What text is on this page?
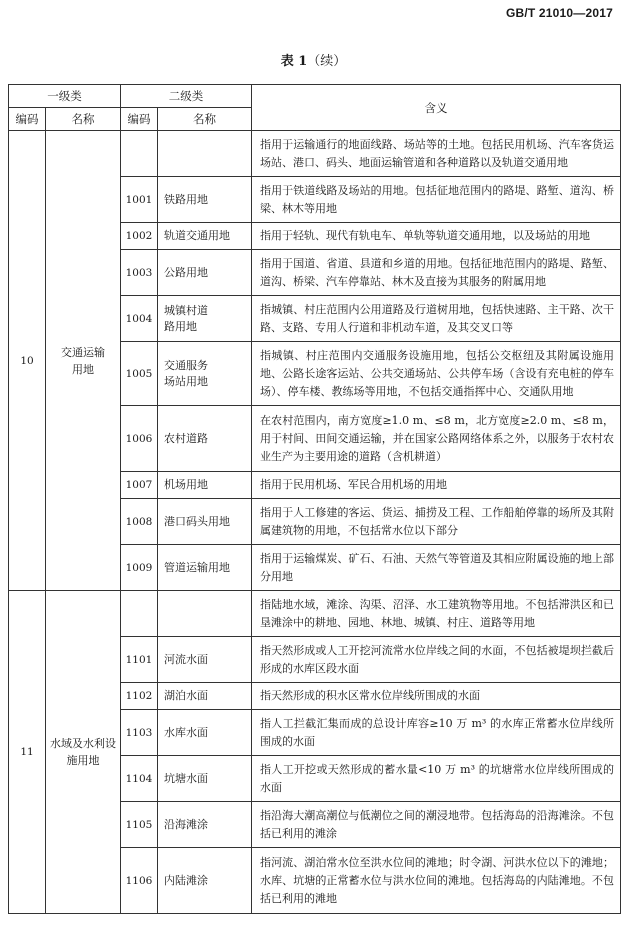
GB/T 21010—2017
表 1（续）
一级类		二级类		含义
编码	名称	编码	名称	
10	交通运输用地			指用于运输通行的地面线路、场站等的土地。包括民用机场、汽车客货运场站、港口、码头、地面运输管道和各种道路以及轨道交通用地
		1001	铁路用地	指用于铁道线路及场站的用地。包括征地范围内的路堤、路堑、道沟、桥梁、林木等用地
		1002	轨道交通用地	指用于轻轨、现代有轨电车、单轨等轨道交通用地，以及场站的用地
		1003	公路用地	指用于国道、省道、县道和乡道的用地。包括征地范围内的路堤、路堑、道沟、桥梁、汽车停靠站、林木及直接为其服务的附属用地
		1004	城镇村道路用地	指城镇、村庄范围内公用道路及行道树用地，包括快速路、主干路、次干路、支路、专用人行道和非机动车道，及其交叉口等
		1005	交通服务场站用地	指城镇、村庄范围内交通服务设施用地，包括公交枢纽及其附属设施用地、公路长途客运站、公共交通场站、公共停车场（含设有充电桩的停车场）、停车楼、教练场等用地，不包括交通指挥中心、交通队用地
		1006	农村道路	在农村范围内，南方宽度≥1.0 m、≤8 m，北方宽度≥2.0 m、≤8 m，用于村间、田间交通运输，并在国家公路网络体系之外，以服务于农村农业生产为主要用途的道路（含机耕道）
		1007	机场用地	指用于民用机场、军民合用机场的用地
		1008	港口码头用地	指用于人工修建的客运、货运、捕捞及工程、工作船舶停靠的场所及其附属建筑物的用地，不包括常水位以下部分
		1009	管道运输用地	指用于运输煤炭、矿石、石油、天然气等管道及其相应附属设施的地上部分用地
11	水域及水利设施用地			指陆地水域，滩涂、沟渠、沼泽、水工建筑物等用地。不包括滞洪区和已垦滩涂中的耕地、园地、林地、城镇、村庄、道路等用地
		1101	河流水面	指天然形成或人工开挖河流常水位岸线之间的水面，不包括被堤坝拦截后形成的水库区段水面
		1102	湖泊水面	指天然形成的积水区常水位岸线所围成的水面
		1103	水库水面	指人工拦截汇集而成的总设计库容≥10 万 m³ 的水库正常蓄水位岸线所围成的水面
		1104	坑塘水面	指人工开挖或天然形成的蓄水量<10 万 m³ 的坑塘常水位岸线所围成的水面
		1105	沿海滩涂	指沿海大潮高潮位与低潮位之间的潮浸地带。包括海岛的沿海滩涂。不包括已利用的滩涂
		1106	内陆滩涂	指河流、湖泊常水位至洪水位间的滩地；时令湖、河洪水位以下的滩地；水库、坑塘的正常蓄水位与洪水位间的滩地。包括海岛的内陆滩地。不包括已利用的滩地
